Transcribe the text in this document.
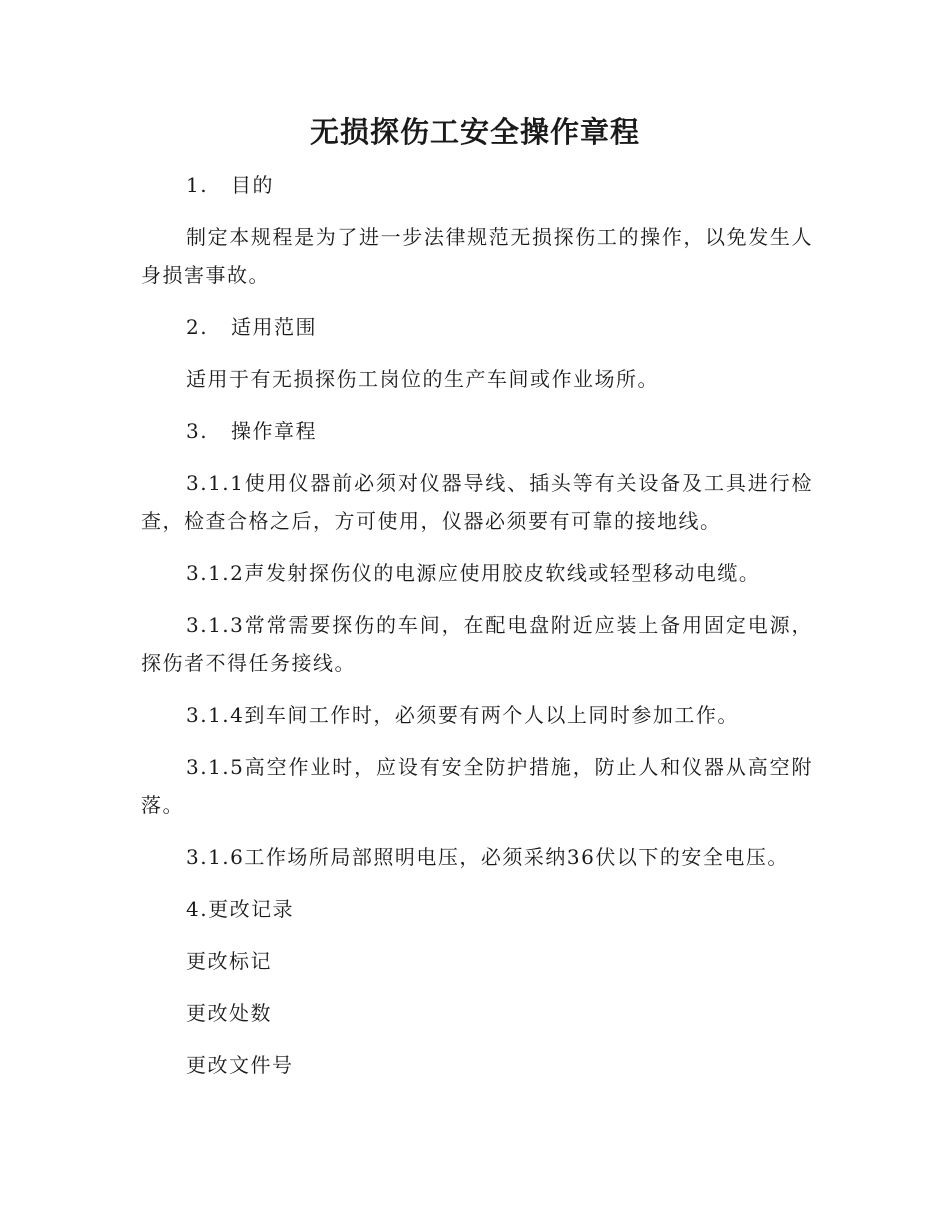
无损探伤工安全操作章程

1. 目的

制定本规程是为了进一步法律规范无损探伤工的操作，以免发生人身损害事故。

2. 适用范围

适用于有无损探伤工岗位的生产车间或作业场所。

3. 操作章程

3.1.1使用仪器前必须对仪器导线、插头等有关设备及工具进行检查，检查合格之后，方可使用，仪器必须要有可靠的接地线。

3.1.2声发射探伤仪的电源应使用胶皮软线或轻型移动电缆。

3.1.3常常需要探伤的车间，在配电盘附近应装上备用固定电源，探伤者不得任务接线。

3.1.4到车间工作时，必须要有两个人以上同时参加工作。

3.1.5高空作业时，应设有安全防护措施，防止人和仪器从高空附落。

3.1.6工作场所局部照明电压，必须采纳36伏以下的安全电压。

4.更改记录

更改标记

更改处数

更改文件号
